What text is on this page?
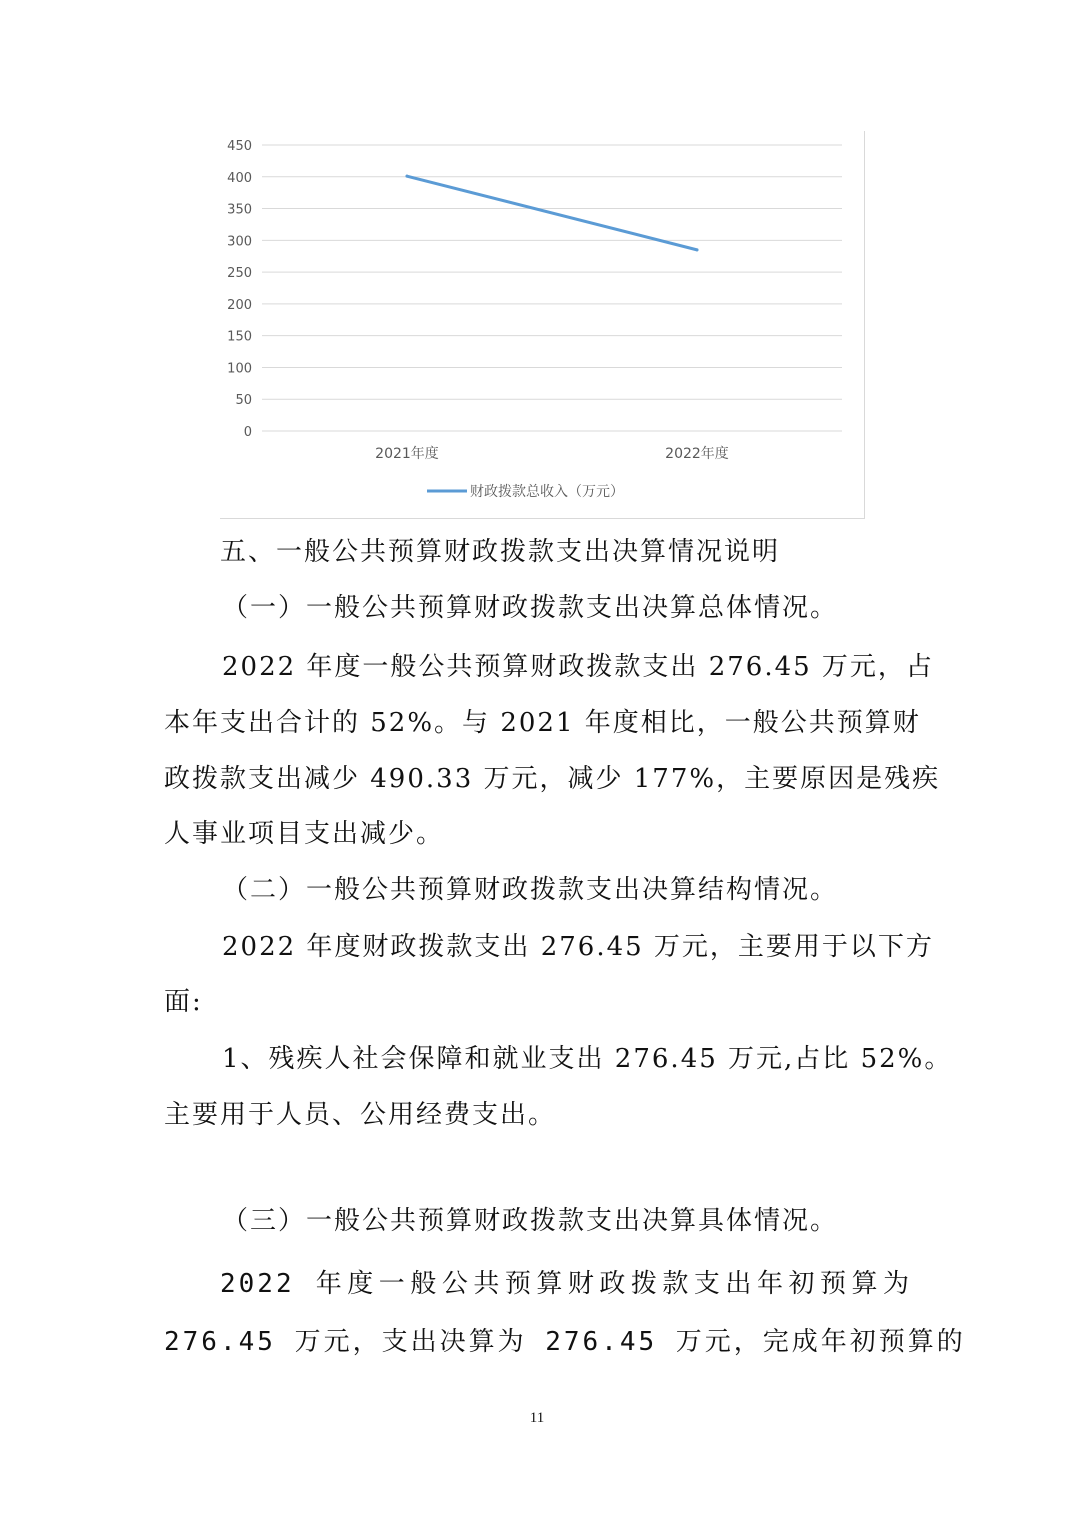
0
50
100
150
200
250
300
350
400
450
2021年度	2022年度
财政拨款总收入（万元）

五、一般公共预算财政拨款支出决算情况说明

（一）一般公共预算财政拨款支出决算总体情况。

2022 年度一般公共预算财政拨款支出 276.45 万元，占

本年支出合计的 52%。与 2021 年度相比，一般公共预算财

政拨款支出减少 490.33 万元，减少 177%，主要原因是残疾

人事业项目支出减少。

（二）一般公共预算财政拨款支出决算结构情况。

2022 年度财政拨款支出 276.45 万元，主要用于以下方

面:

1、残疾人社会保障和就业支出 276.45 万元,占比 52%。

主要用于人员、公用经费支出。

（三）一般公共预算财政拨款支出决算具体情况。

2022 年度一般公共预算财政拨款支出年初预算为

276.45 万元，支出决算为 276.45 万元，完成年初预算的

11
